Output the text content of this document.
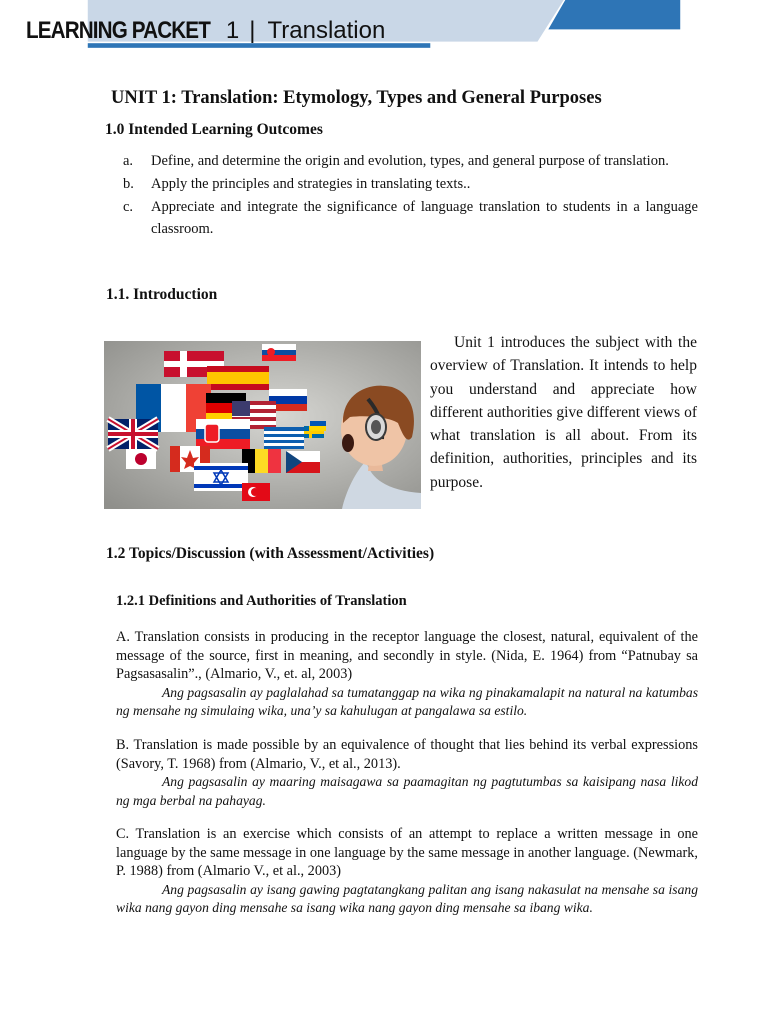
LEARNING PACKET 1 | Translation	1
UNIT 1: Translation: Etymology, Types and General Purposes
1.0 Intended Learning Outcomes
a. Define, and determine the origin and evolution, types, and general purpose of translation.
b. Apply the principles and strategies in translating texts..
c. Appreciate and integrate the significance of language translation to students in a language classroom.
1.1. Introduction

Unit 1 introduces the subject with the overview of Translation. It intends to help you understand and appreciate how different authorities give different views of what translation is all about. From its definition, authorities, principles and its purpose.

1.2 Topics/Discussion (with Assessment/Activities)
1.2.1 Definitions and Authorities of Translation

A. Translation consists in producing in the receptor language the closest, natural, equivalent of the message of the source, first in meaning, and secondly in style. (Nida, E. 1964) from “Patnubay sa Pagsasasalin”., (Almario, V., et. al, 2003)

Ang pagsasalin ay paglalahad sa tumatanggap na wika ng pinakamalapit na natural na katumbas ng mensahe ng simulaing wika, una’y sa kahulugan at pangalawa sa estilo.

B. Translation is made possible by an equivalence of thought that lies behind its verbal expressions (Savory, T. 1968) from (Almario, V., et al., 2013).

Ang pagsasalin ay maaring maisagawa sa paamagitan ng pagtutumbas sa kaisipang nasa likod ng mga berbal na pahayag.

C. Translation is an exercise which consists of an attempt to replace a written message in one language by the same message in one language by the same message in another language. (Newmark, P. 1988) from (Almario V., et al., 2003)

Ang pagsasalin ay isang gawing pagtatangkang palitan ang isang nakasulat na mensahe sa isang wika nang gayon ding mensahe sa isang wika nang gayon ding mensahe sa ibang wika.
